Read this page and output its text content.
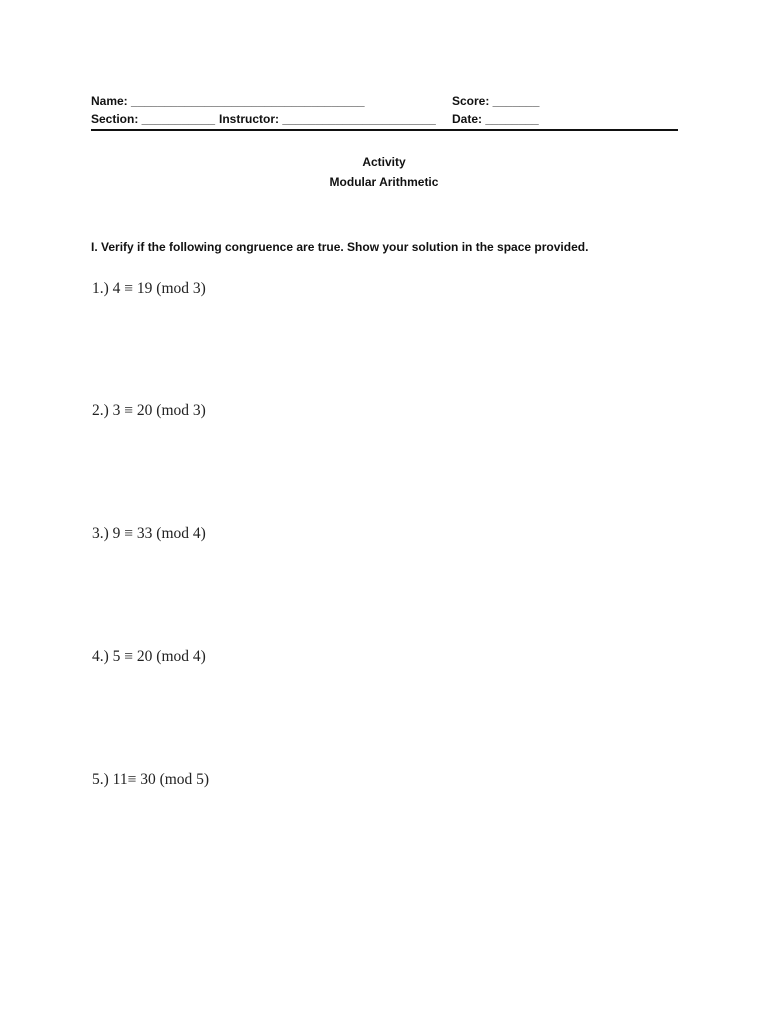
Name: ___________________________________	Score: _______
Section: ___________ Instructor: _______________________ Date: ________
Activity
Modular Arithmetic
I. Verify if the following congruence are true. Show your solution in the space provided.
1.) 4 ≡ 19 (mod 3)
2.) 3 ≡ 20 (mod 3)
3.) 9 ≡ 33 (mod 4)
4.) 5 ≡ 20 (mod 4)
5.) 11≡ 30 (mod 5)
